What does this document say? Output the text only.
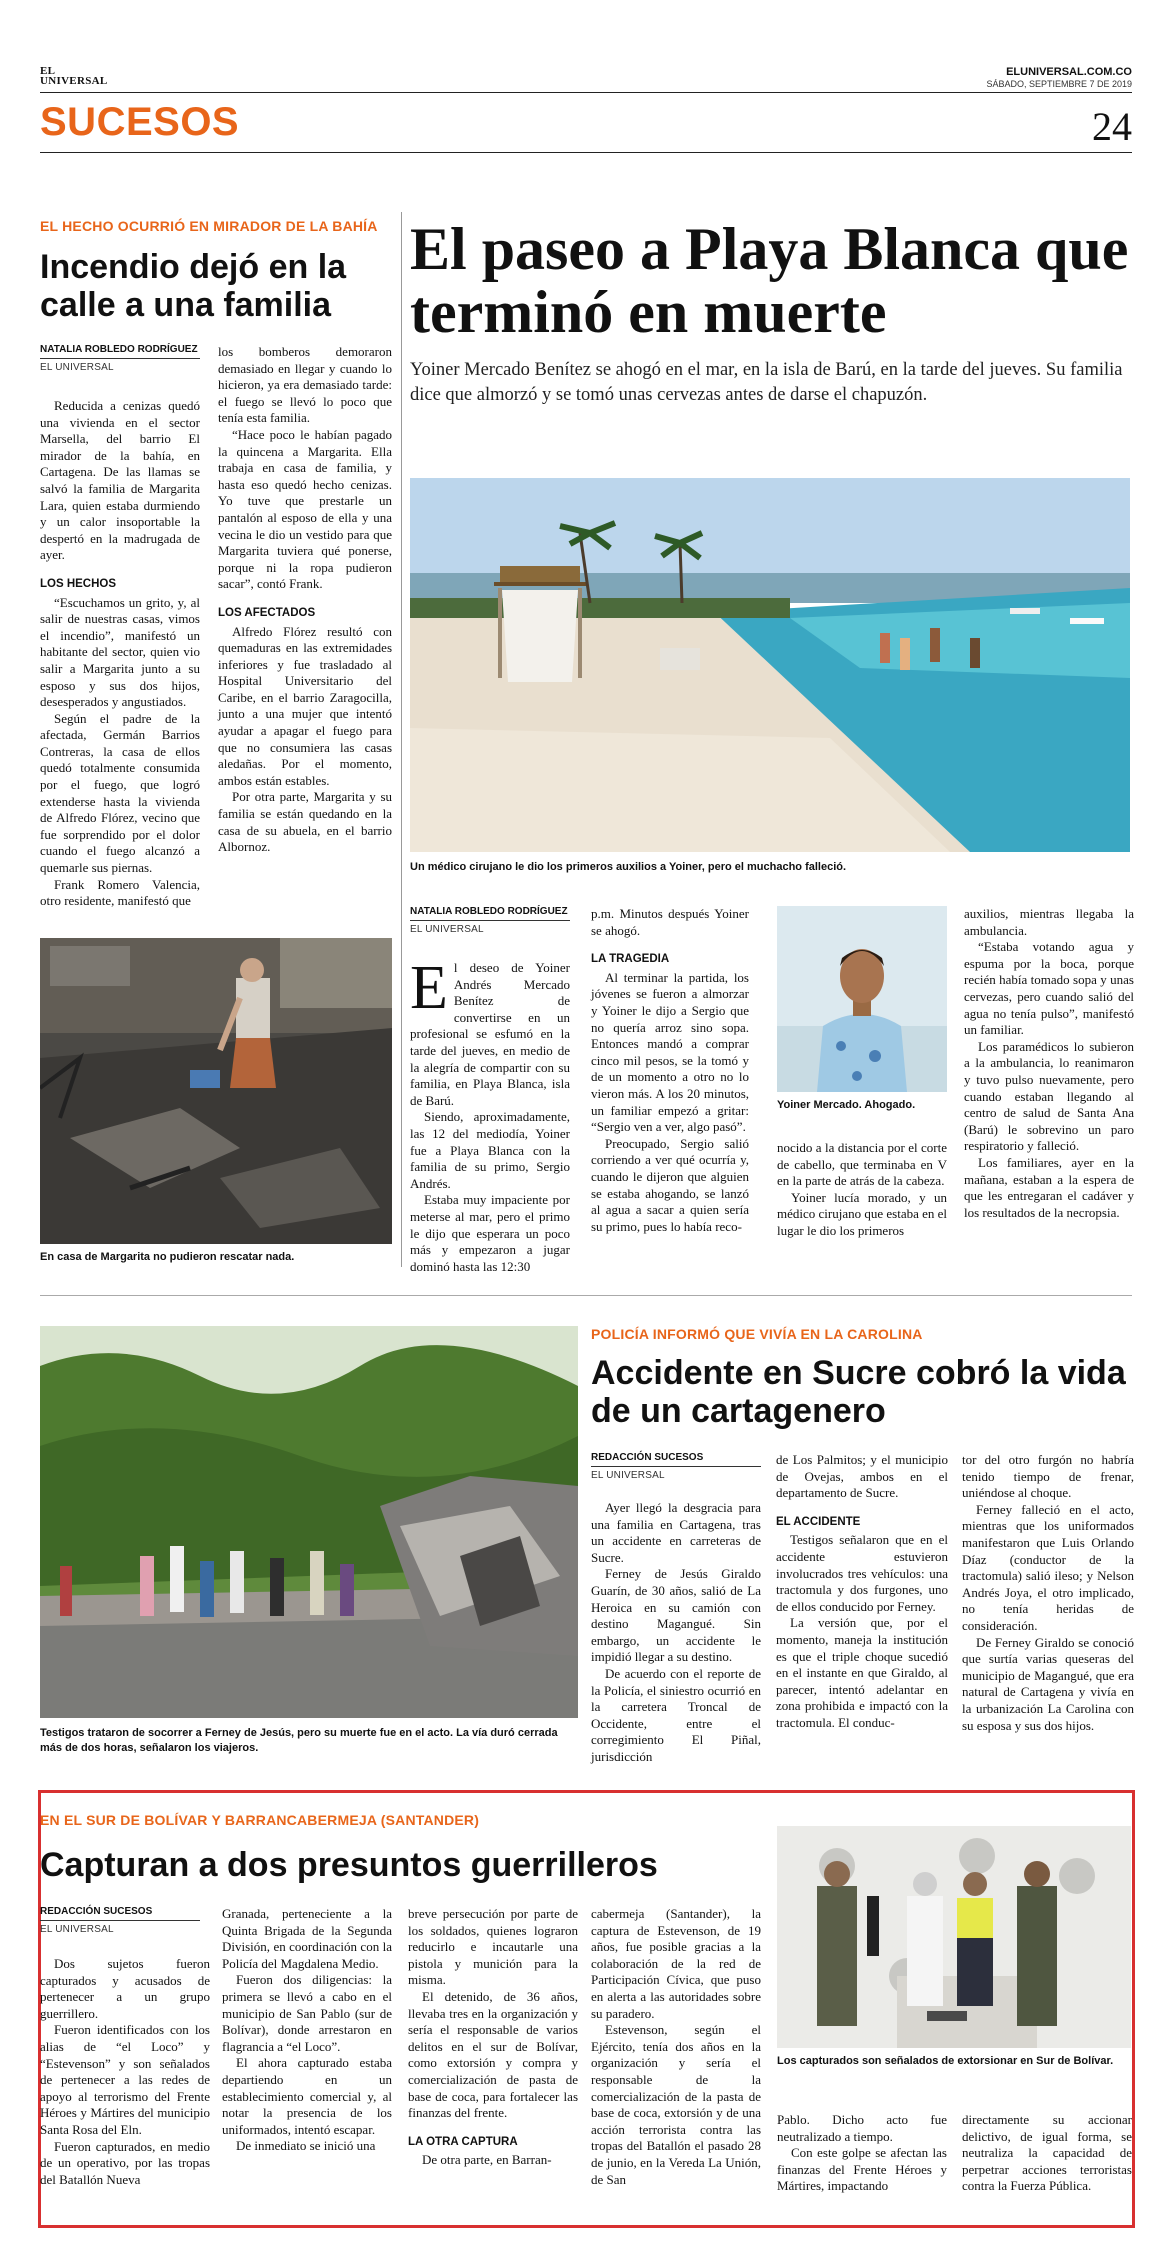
EL
UNIVERSAL
ELUNIVERSAL.COM.CO
SÁBADO, SEPTIEMBRE 7 DE 2019
SUCESOS	24
EL HECHO OCURRIÓ EN MIRADOR DE LA BAHÍA
Incendio dejó en la calle a una familia
NATALIA ROBLEDO RODRÍGUEZ
EL UNIVERSAL

Reducida a cenizas quedó una vivienda en el sector Marsella, del barrio El mirador de la bahía, en Cartagena. De las llamas se salvó la familia de Margarita Lara, quien estaba durmiendo y un calor insoportable la despertó en la madrugada de ayer.

LOS HECHOS

“Escuchamos un grito, y, al salir de nuestras casas, vimos el incendio”, manifestó un habitante del sector, quien vio salir a Margarita junto a su esposo y sus dos hijos, desesperados y angustiados.

Según el padre de la afectada, Germán Barrios Contreras, la casa de ellos quedó totalmente consumida por el fuego, que logró extenderse hasta la vivienda de Alfredo Flórez, vecino que fue sorprendido por el dolor cuando el fuego alcanzó a quemarle sus piernas.

Frank Romero Valencia, otro residente, manifestó que

los bomberos demoraron demasiado en llegar y cuando lo hicieron, ya era demasiado tarde: el fuego se llevó lo poco que tenía esta familia.

“Hace poco le habían pagado la quincena a Margarita. Ella trabaja en casa de familia, y hasta eso quedó hecho cenizas. Yo tuve que prestarle un pantalón al esposo de ella y una vecina le dio un vestido para que Margarita tuviera qué ponerse, porque ni la ropa pudieron sacar”, contó Frank.

LOS AFECTADOS

Alfredo Flórez resultó con quemaduras en las extremidades inferiores y fue trasladado al Hospital Universitario del Caribe, en el barrio Zaragocilla, junto a una mujer que intentó ayudar a apagar el fuego para que no consumiera las casas aledañas. Por el momento, ambos están estables.

Por otra parte, Margarita y su familia se están quedando en la casa de su abuela, en el barrio Albornoz.

En casa de Margarita no pudieron rescatar nada.
El paseo a Playa Blanca que terminó en muerte
Yoiner Mercado Benítez se ahogó en el mar, en la isla de Barú, en la tarde del jueves. Su familia dice que almorzó y se tomó unas cervezas antes de darse el chapuzón.
Un médico cirujano le dio los primeros auxilios a Yoiner, pero el muchacho falleció.
NATALIA ROBLEDO RODRÍGUEZ
EL UNIVERSAL

El deseo de Yoiner Andrés Mercado Benítez de convertirse en un profesional se esfumó en la tarde del jueves, en medio de la alegría de compartir con su familia, en Playa Blanca, isla de Barú.

Siendo, aproximadamente, las 12 del mediodía, Yoiner fue a Playa Blanca con la familia de su primo, Sergio Andrés.

Estaba muy impaciente por meterse al mar, pero el primo le dijo que esperara un poco más y empezaron a jugar dominó hasta las 12:30

p.m. Minutos después Yoiner se ahogó.

LA TRAGEDIA

Al terminar la partida, los jóvenes se fueron a almorzar y Yoiner le dijo a Sergio que no quería arroz sino sopa. Entonces mandó a comprar cinco mil pesos, se la tomó y de un momento a otro no lo vieron más. A los 20 minutos, un familiar empezó a gritar: “Sergio ven a ver, algo pasó”.

Preocupado, Sergio salió corriendo a ver qué ocurría y, cuando le dijeron que alguien se estaba ahogando, se lanzó al agua a sacar a quien sería su primo, pues lo había reco-

Yoiner Mercado. Ahogado.

nocido a la distancia por el corte de cabello, que terminaba en V en la parte de atrás de la cabeza.

Yoiner lucía morado, y un médico cirujano que estaba en el lugar le dio los primeros

auxilios, mientras llegaba la ambulancia.

“Estaba votando agua y espuma por la boca, porque recién había tomado sopa y unas cervezas, pero cuando salió del agua no tenía pulso”, manifestó un familiar.

Los paramédicos lo subieron a la ambulancia, lo reanimaron y tuvo pulso nuevamente, pero cuando estaban llegando al centro de salud de Santa Ana (Barú) le sobrevino un paro respiratorio y falleció.

Los familiares, ayer en la mañana, estaban a la espera de que les entregaran el cadáver y los resultados de la necropsia.

Testigos trataron de socorrer a Ferney de Jesús, pero su muerte fue en el acto. La vía duró cerrada más de dos horas, señalaron los viajeros.
POLICÍA INFORMÓ QUE VIVÍA EN LA CAROLINA
Accidente en Sucre cobró la vida de un cartagenero
REDACCIÓN SUCESOS
EL UNIVERSAL

Ayer llegó la desgracia para una familia en Cartagena, tras un accidente en carreteras de Sucre.

Ferney de Jesús Giraldo Guarín, de 30 años, salió de La Heroica en su camión con destino Magangué. Sin embargo, un accidente le impidió llegar a su destino.

De acuerdo con el reporte de la Policía, el siniestro ocurrió en la carretera Troncal de Occidente, entre el corregimiento El Piñal, jurisdicción

de Los Palmitos; y el municipio de Ovejas, ambos en el departamento de Sucre.

EL ACCIDENTE

Testigos señalaron que en el accidente estuvieron involucrados tres vehículos: una tractomula y dos furgones, uno de ellos conducido por Ferney.

La versión que, por el momento, maneja la institución es que el triple choque sucedió en el instante en que Giraldo, al parecer, intentó adelantar en zona prohibida e impactó con la tractomula. El conduc-

tor del otro furgón no habría tenido tiempo de frenar, uniéndose al choque.

Ferney falleció en el acto, mientras que los uniformados manifestaron que Luis Orlando Díaz (conductor de la tractomula) salió ileso; y Nelson Andrés Joya, el otro implicado, no tenía heridas de consideración.

De Ferney Giraldo se conoció que surtía varias queseras del municipio de Magangué, que era natural de Cartagena y vivía en la urbanización La Carolina con su esposa y sus dos hijos.

EN EL SUR DE BOLÍVAR Y BARRANCABERMEJA (SANTANDER)
Capturan a dos presuntos guerrilleros
REDACCIÓN SUCESOS
EL UNIVERSAL

Dos sujetos fueron capturados y acusados de pertenecer a un grupo guerrillero.

Fueron identificados con los alias de “el Loco” y “Estevenson” y son señalados de pertenecer a las redes de apoyo al terrorismo del Frente Héroes y Mártires del municipio Santa Rosa del Eln.

Fueron capturados, en medio de un operativo, por las tropas del Batallón Nueva

Granada, perteneciente a la Quinta Brigada de la Segunda División, en coordinación con la Policía del Magdalena Medio.

Fueron dos diligencias: la primera se llevó a cabo en el municipio de San Pablo (sur de Bolívar), donde arrestaron en flagrancia a “el Loco”.

El ahora capturado estaba departiendo en un establecimiento comercial y, al notar la presencia de los uniformados, intentó escapar.

De inmediato se inició una

breve persecución por parte de los soldados, quienes lograron reducirlo e incautarle una pistola y munición para la misma.

El detenido, de 36 años, llevaba tres en la organización y sería el responsable de varios delitos en el sur de Bolívar, como extorsión y compra y comercialización de pasta de base de coca, para fortalecer las finanzas del frente.

LA OTRA CAPTURA

De otra parte, en Barran-

cabermeja (Santander), la captura de Estevenson, de 19 años, fue posible gracias a la colaboración de la red de Participación Cívica, que puso en alerta a las autoridades sobre su paradero.

Estevenson, según el Ejército, tenía dos años en la organización y sería el responsable de la comercialización de la pasta de base de coca, extorsión y de una acción terrorista contra las tropas del Batallón el pasado 28 de junio, en la Vereda La Unión, de San

Los capturados son señalados de extorsionar en Sur de Bolívar.

Pablo. Dicho acto fue neutralizado a tiempo.

Con este golpe se afectan las finanzas del Frente Héroes y Mártires, impactando

directamente su accionar delictivo, de igual forma, se neutraliza la capacidad de perpetrar acciones terroristas contra la Fuerza Pública.
